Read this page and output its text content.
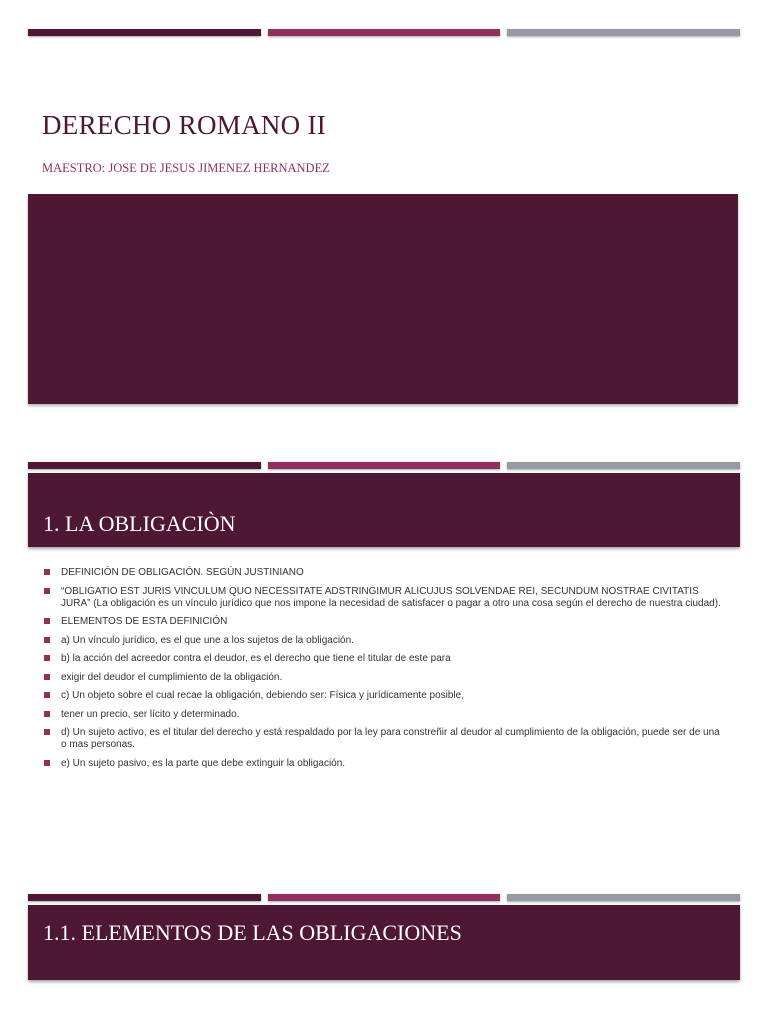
DERECHO ROMANO II

MAESTRO: JOSE DE JESUS JIMENEZ HERNANDEZ

1. LA OBLIGACIÒN
DEFINICIÓN DE OBLIGACIÓN. SEGÚN JUSTINIANO
“OBLIGATIO EST JURIS VINCULUM QUO NECESSITATE ADSTRINGIMUR ALICUJUS SOLVENDAE REI, SECUNDUM NOSTRAE CIVITATIS JURA” (La obligación es un vínculo jurídico que nos impone la necesidad de satisfacer o pagar a otro una cosa según el derecho de nuestra ciudad).
ELEMENTOS DE ESTA DEFINICIÓN
a) Un vínculo jurídico, es el que une a los sujetos de la obligación.
b) la acción del acreedor contra el deudor, es el derecho que tiene el titular de este para
exigir del deudor el cumplimiento de la obligación.
c) Un objeto sobre el cual recae la obligación, debiendo ser: Física y jurídicamente posible,
tener un precio, ser lícito y determinado.
d) Un sujeto activo, es el titular del derecho y está respaldado por la ley para constreñir al deudor al cumplimiento de la obligación, puede ser de una o mas personas.
e) Un sujeto pasivo, es la parte que debe extinguir la obligación.
1.1. ELEMENTOS DE LAS OBLIGACIONES
